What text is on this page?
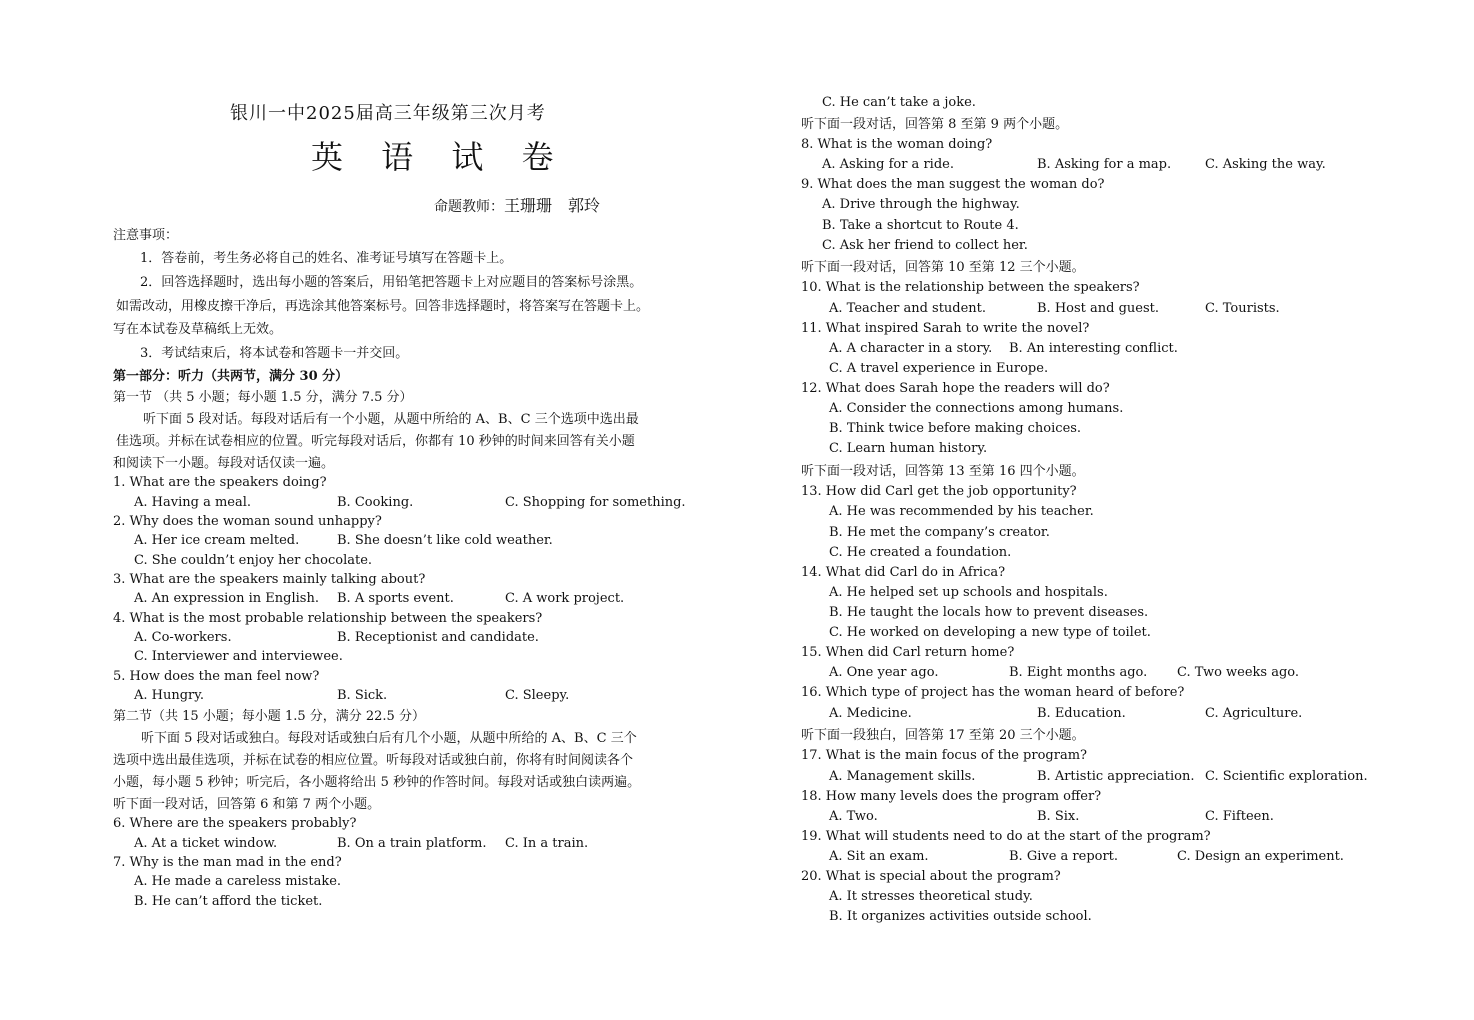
银川一中2025届高三年级第三次月考
英 语 试 卷
命题教师：王珊珊　郭玲
注意事项：
1．答卷前，考生务必将自己的姓名、准考证号填写在答题卡上。
2．回答选择题时，选出每小题的答案后，用铅笔把答题卡上对应题目的答案标号涂黑。
如需改动，用橡皮擦干净后，再选涂其他答案标号。回答非选择题时，将答案写在答题卡上。
写在本试卷及草稿纸上无效。
3．考试结束后，将本试卷和答题卡一并交回。
第一部分：听力（共两节，满分 30 分）
第一节 （共 5 小题；每小题 1.5 分，满分 7.5 分）
听下面 5 段对话。每段对话后有一个小题，从题中所给的 A、B、C 三个选项中选出最
佳选项。并标在试卷相应的位置。听完每段对话后，你都有 10 秒钟的时间来回答有关小题
和阅读下一小题。每段对话仅读一遍。
1. What are the speakers doing?
A. Having a meal.	B. Cooking.	C. Shopping for something.
2. Why does the woman sound unhappy?
A. Her ice cream melted.	B. She doesn’t like cold weather.
C. She couldn’t enjoy her chocolate.
3. What are the speakers mainly talking about?
A. An expression in English. B. A sports event.	C. A work project.
4. What is the most probable relationship between the speakers?
A. Co-workers.	B. Receptionist and candidate.
C. Interviewer and interviewee.
5. How does the man feel now?
A. Hungry.	B. Sick.	C. Sleepy.
第二节（共 15 小题；每小题 1.5 分，满分 22.5 分）
听下面 5 段对话或独白。每段对话或独白后有几个小题，从题中所给的 A、B、C 三个
选项中选出最佳选项，并标在试卷的相应位置。听每段对话或独白前，你将有时间阅读各个
小题，每小题 5 秒钟；听完后，各小题将给出 5 秒钟的作答时间。每段对话或独白读两遍。
听下面一段对话，回答第 6 和第 7 两个小题。
6. Where are the speakers probably?
A. At a ticket window.	B. On a train platform. C. In a train.
7. Why is the man mad in the end?
A. He made a careless mistake.
B. He can’t afford the ticket.
C. He can’t take a joke.
听下面一段对话，回答第 8 至第 9 两个小题。
8. What is the woman doing?
A. Asking for a ride.	B. Asking for a map.	C. Asking the way.
9. What does the man suggest the woman do?
A. Drive through the highway.
B. Take a shortcut to Route 4.
C. Ask her friend to collect her.
听下面一段对话，回答第 10 至第 12 三个小题。
10. What is the relationship between the speakers?
A. Teacher and student.	B. Host and guest.	C. Tourists.
11. What inspired Sarah to write the novel?
A. A character in a story. B. An interesting conflict.
C. A travel experience in Europe.
12. What does Sarah hope the readers will do?
A. Consider the connections among humans.
B. Think twice before making choices.
C. Learn human history.
听下面一段对话，回答第 13 至第 16 四个小题。
13. How did Carl get the job opportunity?
A. He was recommended by his teacher.
B. He met the company’s creator.
C. He created a foundation.
14. What did Carl do in Africa?
A. He helped set up schools and hospitals.
B. He taught the locals how to prevent diseases.
C. He worked on developing a new type of toilet.
15. When did Carl return home?
A. One year ago.	B. Eight months ago. C. Two weeks ago.
16. Which type of project has the woman heard of before?
A. Medicine.	B. Education.	C. Agriculture.
听下面一段独白，回答第 17 至第 20 三个小题。
17. What is the main focus of the program?
A. Management skills.	B. Artistic appreciation. C. Scientific exploration.
18. How many levels does the program offer?
A. Two.	B. Six.	C. Fifteen.
19. What will students need to do at the start of the program?
A. Sit an exam.	B. Give a report.	C. Design an experiment.
20. What is special about the program?
A. It stresses theoretical study.
B. It organizes activities outside school.
